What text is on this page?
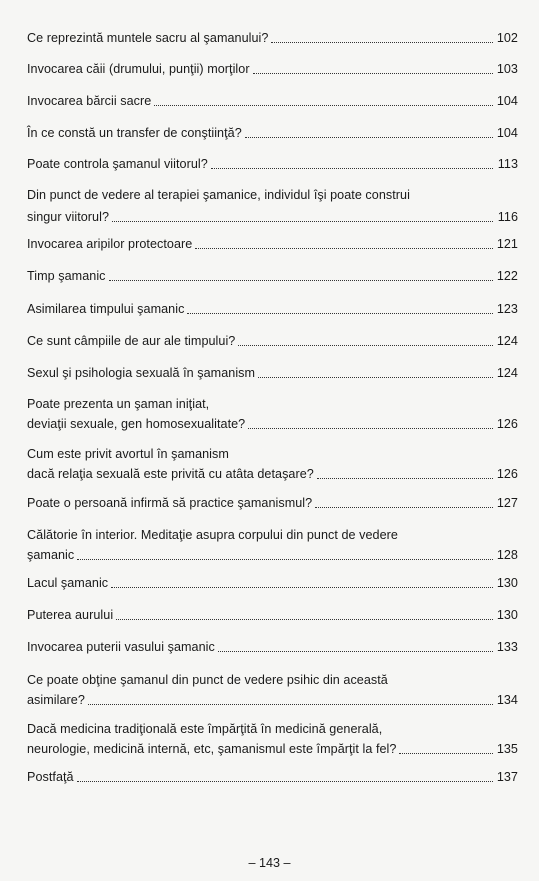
Ce reprezintă muntele sacru al şamanului?	102
Invocarea căii (drumului, punţii) morţilor	103
Invocarea bărcii sacre	104
În ce constă un transfer de conştiinţă?	104
Poate controla şamanul viitorul?	113
Din punct de vedere al terapiei şamanice, individul îşi poate construi
singur viitorul?	116
Invocarea aripilor protectoare	121
Timp şamanic	122
Asimilarea timpului şamanic	123
Ce sunt câmpiile de aur ale timpului?	124
Sexul şi psihologia sexuală în şamanism	124
Poate prezenta un şaman iniţiat,
deviaţii sexuale, gen homosexualitate?	126
Cum este privit avortul în şamanism
dacă relaţia sexuală este privită cu atâta detaşare?	126
Poate o persoană infirmă să practice şamanismul?	127
Călătorie în interior. Meditaţie asupra corpului din punct de vedere
şamanic	128
Lacul şamanic	130
Puterea aurului	130
Invocarea puterii vasului şamanic	133
Ce poate obţine şamanul din punct de vedere psihic din această
asimilare?	134
Dacă medicina tradiţională este împărţită în medicină generală,
neurologie, medicină internă, etc, şamanismul este împărţit la fel?	135
Postfaţă	137
– 143 –
